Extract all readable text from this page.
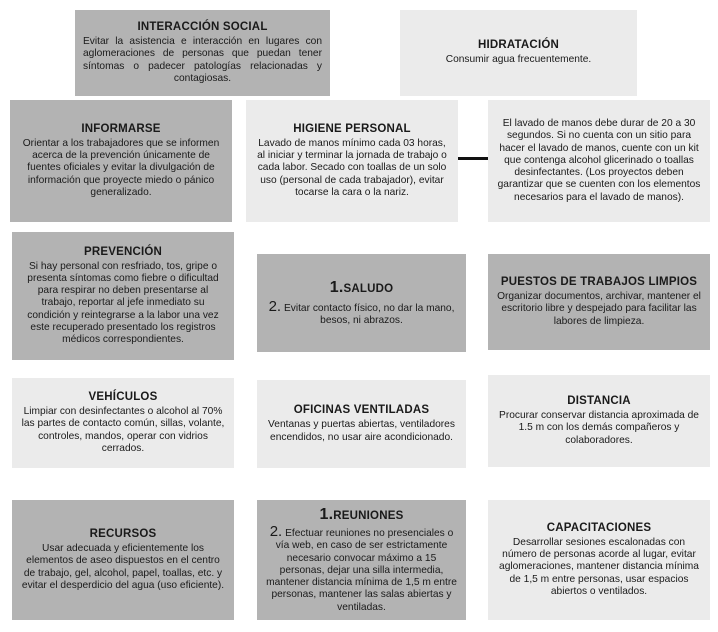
INTERACCIÓN SOCIAL
Evitar la asistencia e interacción en lugares con aglomeraciones de personas que puedan tener síntomas o padecer patologías relacionadas y contagiosas.
HIDRATACIÓN
Consumir agua frecuentemente.
INFORMARSE
Orientar a los trabajadores que se informen acerca de la prevención únicamente de fuentes oficiales y evitar la divulgación de información que proyecte miedo o pánico generalizado.
HIGIENE PERSONAL
Lavado de manos mínimo cada 03 horas, al iniciar y terminar la jornada de trabajo o cada labor. Secado con toallas de un solo uso (personal de cada trabajador), evitar tocarse la cara o la nariz.
El lavado de manos debe durar de 20 a 30 segundos. Si no cuenta con un sitio para hacer el lavado de manos, cuente con un kit que contenga alcohol glicerinado o toallas desinfectantes. (Los proyectos deben garantizar que se cuenten con los elementos necesarios para el lavado de manos).
PREVENCIÓN
Si hay personal con resfriado, tos, gripe o presenta síntomas como fiebre o dificultad para respirar no deben presentarse al trabajo, reportar al jefe inmediato su condición y reintegrarse a la labor una vez este recuperado presentado los registros médicos correspondientes.
1.SALUDO
2. Evitar contacto físico, no dar la mano, besos, ni abrazos.
PUESTOS DE TRABAJOS LIMPIOS
Organizar documentos, archivar, mantener el escritorio libre y despejado para facilitar las labores de limpieza.
VEHÍCULOS
Limpiar con desinfectantes o alcohol al 70% las partes de contacto común, sillas, volante, controles, mandos, operar con vidrios cerrados.
OFICINAS VENTILADAS
Ventanas y puertas abiertas, ventiladores encendidos, no usar aire acondicionado.
DISTANCIA
Procurar conservar distancia aproximada de 1.5 m con los demás compañeros y colaboradores.
RECURSOS
Usar adecuada y eficientemente los elementos de aseo dispuestos en el centro de trabajo, gel, alcohol, papel, toallas, etc. y evitar el desperdicio del agua (uso eficiente).
1.REUNIONES
2. Efectuar reuniones no presenciales o vía web, en caso de ser estrictamente necesario convocar máximo a 15 personas, dejar una silla intermedia, mantener distancia mínima de 1,5 m entre personas, mantener las salas abiertas y ventiladas.
CAPACITACIONES
Desarrollar sesiones escalonadas con número de personas acorde al lugar, evitar aglomeraciones, mantener distancia mínima de 1,5 m entre personas, usar espacios abiertos o ventilados.
